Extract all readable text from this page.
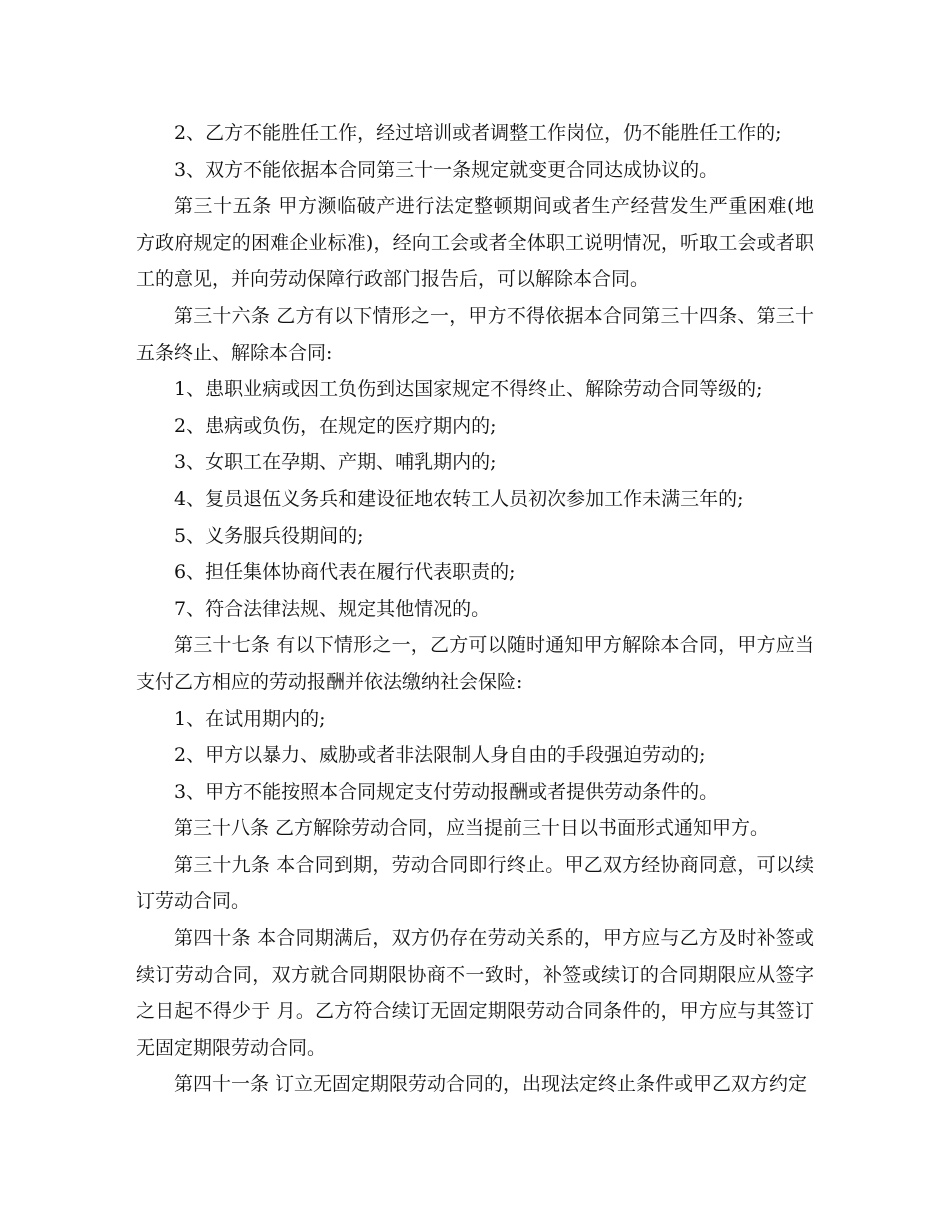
2、乙方不能胜任工作，经过培训或者调整工作岗位，仍不能胜任工作的;

3、双方不能依据本合同第三十一条规定就变更合同达成协议的。

第三十五条 甲方濒临破产进行法定整顿期间或者生产经营发生严重困难(地方政府规定的困难企业标准)，经向工会或者全体职工说明情况，听取工会或者职工的意见，并向劳动保障行政部门报告后，可以解除本合同。

第三十六条 乙方有以下情形之一，甲方不得依据本合同第三十四条、第三十五条终止、解除本合同:

1、患职业病或因工负伤到达国家规定不得终止、解除劳动合同等级的;

2、患病或负伤，在规定的医疗期内的;

3、女职工在孕期、产期、哺乳期内的;

4、复员退伍义务兵和建设征地农转工人员初次参加工作未满三年的;

5、义务服兵役期间的;

6、担任集体协商代表在履行代表职责的;

7、符合法律法规、规定其他情况的。

第三十七条 有以下情形之一，乙方可以随时通知甲方解除本合同，甲方应当支付乙方相应的劳动报酬并依法缴纳社会保险:

1、在试用期内的;

2、甲方以暴力、威胁或者非法限制人身自由的手段强迫劳动的;

3、甲方不能按照本合同规定支付劳动报酬或者提供劳动条件的。

第三十八条 乙方解除劳动合同，应当提前三十日以书面形式通知甲方。

第三十九条 本合同到期，劳动合同即行终止。甲乙双方经协商同意，可以续订劳动合同。

第四十条 本合同期满后，双方仍存在劳动关系的，甲方应与乙方及时补签或续订劳动合同，双方就合同期限协商不一致时，补签或续订的合同期限应从签字之日起不得少于 月。乙方符合续订无固定期限劳动合同条件的，甲方应与其签订无固定期限劳动合同。

第四十一条 订立无固定期限劳动合同的，出现法定终止条件或甲乙双方约定
